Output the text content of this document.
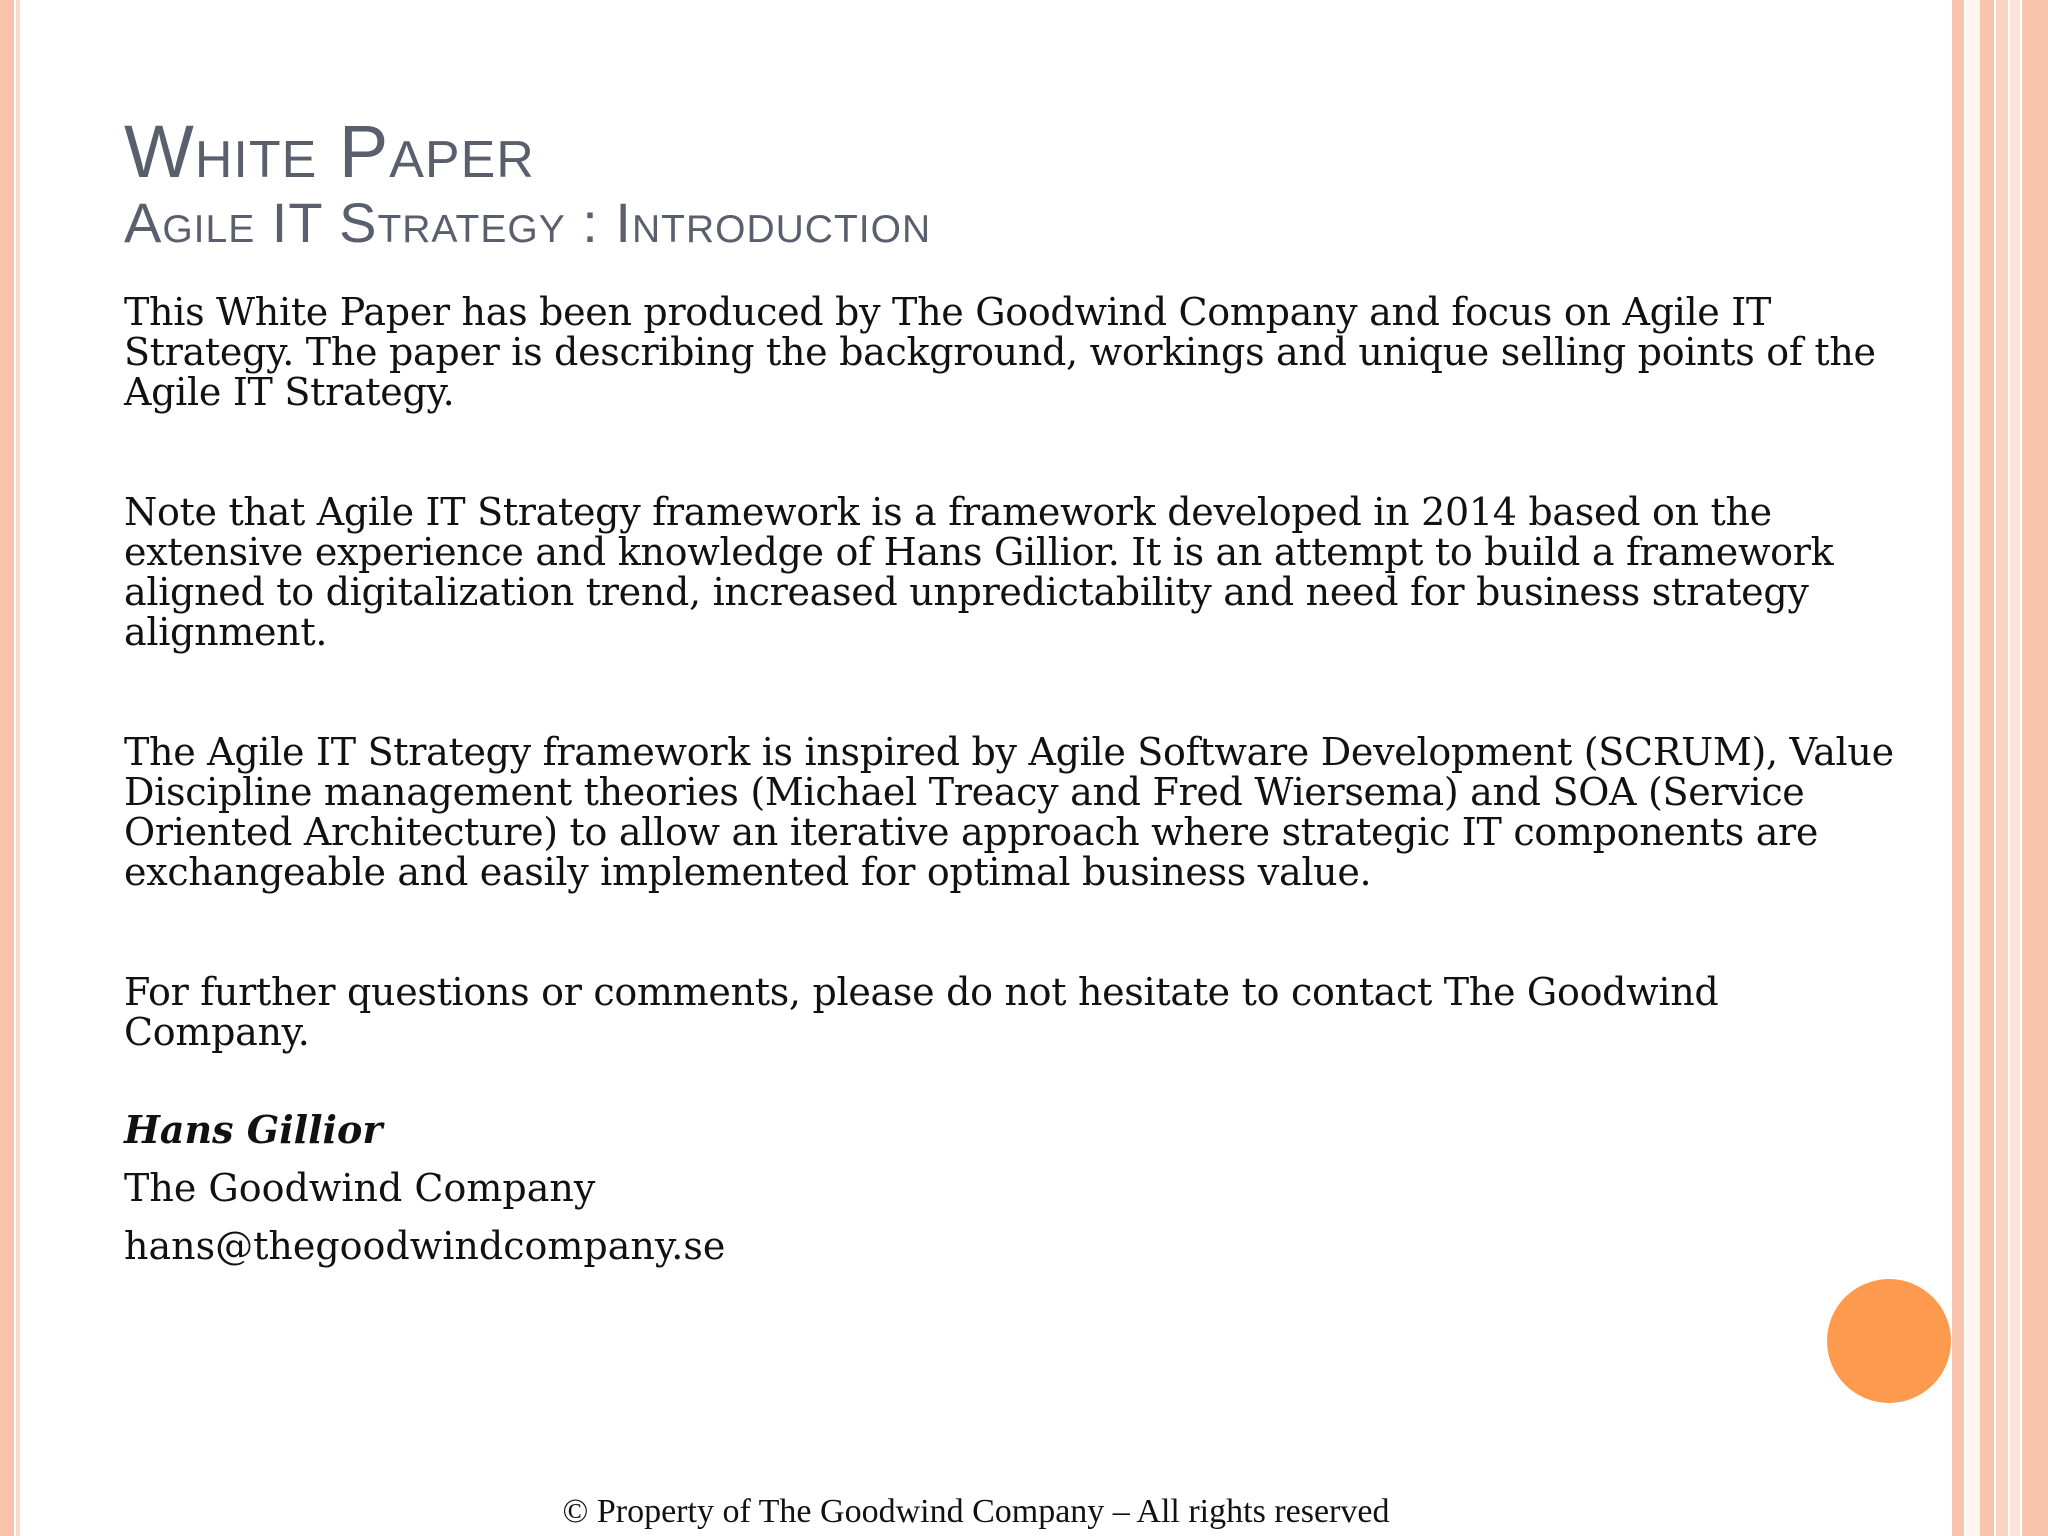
White Paper
Agile IT Strategy : Introduction

This White Paper has been produced by The Goodwind Company and focus on Agile IT Strategy. The paper is describing the background, workings and unique selling points of the Agile IT Strategy.

Note that Agile IT Strategy framework is a framework developed in 2014 based on the extensive experience and knowledge of Hans Gillior. It is an attempt to build a framework aligned to digitalization trend, increased unpredictability and need for business strategy alignment.

The Agile IT Strategy framework is inspired by Agile Software Development (SCRUM), Value Discipline management theories (Michael Treacy and Fred Wiersema) and SOA (Service Oriented Architecture) to allow an iterative approach where strategic IT components are exchangeable and easily implemented for optimal business value.

For further questions or comments, please do not hesitate to contact The Goodwind Company.

Hans Gillior

The Goodwind Company

hans@thegoodwindcompany.se

© Property of The Goodwind Company – All rights reserved
